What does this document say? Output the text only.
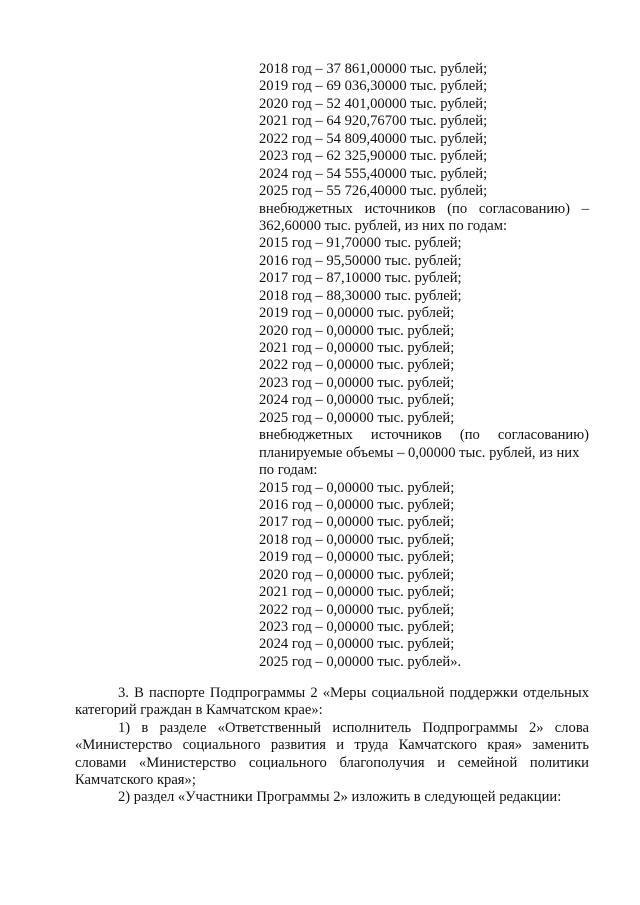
2018 год – 37 861,00000 тыс. рублей;
2019 год – 69 036,30000 тыс. рублей;
2020 год – 52 401,00000 тыс. рублей;
2021 год – 64 920,76700 тыс. рублей;
2022 год – 54 809,40000 тыс. рублей;
2023 год – 62 325,90000 тыс. рублей;
2024 год – 54 555,40000 тыс. рублей;
2025 год – 55 726,40000 тыс. рублей;
внебюджетных источников (по согласованию) –
362,60000 тыс. рублей, из них по годам:
2015 год – 91,70000 тыс. рублей;
2016 год – 95,50000 тыс. рублей;
2017 год – 87,10000 тыс. рублей;
2018 год – 88,30000 тыс. рублей;
2019 год – 0,00000 тыс. рублей;
2020 год – 0,00000 тыс. рублей;
2021 год – 0,00000 тыс. рублей;
2022 год – 0,00000 тыс. рублей;
2023 год – 0,00000 тыс. рублей;
2024 год – 0,00000 тыс. рублей;
2025 год – 0,00000 тыс. рублей;
внебюджетных источников (по согласованию)
планируемые объемы – 0,00000 тыс. рублей, из них
по годам:
2015 год – 0,00000 тыс. рублей;
2016 год – 0,00000 тыс. рублей;
2017 год – 0,00000 тыс. рублей;
2018 год – 0,00000 тыс. рублей;
2019 год – 0,00000 тыс. рублей;
2020 год – 0,00000 тыс. рублей;
2021 год – 0,00000 тыс. рублей;
2022 год – 0,00000 тыс. рублей;
2023 год – 0,00000 тыс. рублей;
2024 год – 0,00000 тыс. рублей;
2025 год – 0,00000 тыс. рублей».
3. В паспорте Подпрограммы 2 «Меры социальной поддержки отдельных
категорий граждан в Камчатском крае»:
1) в разделе «Ответственный исполнитель Подпрограммы 2» слова
«Министерство социального развития и труда Камчатского края» заменить
словами «Министерство социального благополучия и семейной политики
Камчатского края»;
2) раздел «Участники Программы 2» изложить в следующей редакции:
